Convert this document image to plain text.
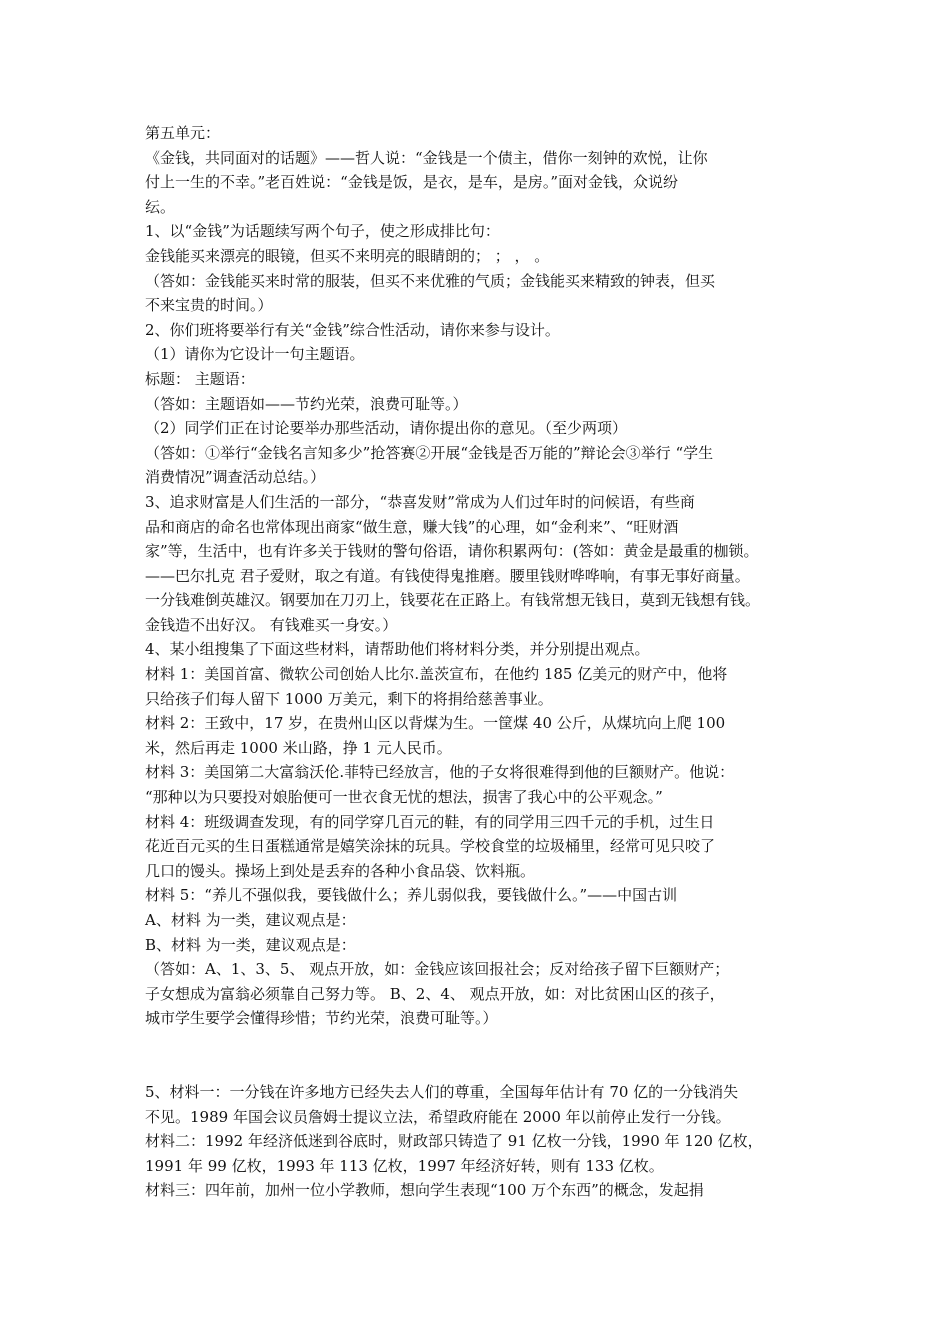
第五单元：
《金钱，共同面对的话题》——哲人说：“金钱是一个债主，借你一刻钟的欢悦，让你
付上一生的不幸。”老百姓说：“金钱是饭，是衣，是车，是房。”面对金钱，众说纷
纭。
1、以“金钱”为话题续写两个句子，使之形成排比句：
金钱能买来漂亮的眼镜，但买不来明亮的眼睛朗的； ； ， 。
（答如：金钱能买来时常的服装，但买不来优雅的气质；金钱能买来精致的钟表，但买
不来宝贵的时间。）
2、你们班将要举行有关“金钱”综合性活动，请你来参与设计。
（1）请你为它设计一句主题语。
标题： 主题语：
（答如：主题语如——节约光荣，浪费可耻等。）
（2）同学们正在讨论要举办那些活动，请你提出你的意见。（至少两项）
（答如：①举行“金钱名言知多少”抢答赛②开展“金钱是否万能的”辩论会③举行 “学生
消费情况”调查活动总结。）
3、追求财富是人们生活的一部分，“恭喜发财”常成为人们过年时的问候语，有些商
品和商店的命名也常体现出商家“做生意，赚大钱”的心理，如“金利来”、“旺财酒
家”等，生活中，也有许多关于钱财的警句俗语，请你积累两句：(答如：黄金是最重的枷锁。
——巴尔扎克 君子爱财，取之有道。有钱使得鬼推磨。腰里钱财哗哗响，有事无事好商量。
一分钱难倒英雄汉。钢要加在刀刃上，钱要花在正路上。有钱常想无钱日，莫到无钱想有钱。
金钱造不出好汉。 有钱难买一身安。）
4、某小组搜集了下面这些材料，请帮助他们将材料分类，并分别提出观点。
材料 1：美国首富、微软公司创始人比尔.盖茨宣布，在他约 185 亿美元的财产中，他将
只给孩子们每人留下 1000 万美元，剩下的将捐给慈善事业。
材料 2：王致中，17 岁，在贵州山区以背煤为生。一筐煤 40 公斤，从煤坑向上爬 100
米，然后再走 1000 米山路，挣 1 元人民币。
材料 3：美国第二大富翁沃伦.菲特已经放言，他的子女将很难得到他的巨额财产。他说：
“那种以为只要投对娘胎便可一世衣食无忧的想法，损害了我心中的公平观念。”
材料 4：班级调查发现，有的同学穿几百元的鞋，有的同学用三四千元的手机，过生日
花近百元买的生日蛋糕通常是嬉笑涂抹的玩具。学校食堂的垃圾桶里，经常可见只咬了
几口的馒头。操场上到处是丢弃的各种小食品袋、饮料瓶。
材料 5：“养儿不强似我，要钱做什么；养儿弱似我，要钱做什么。”——中国古训
A、材料 为一类，建议观点是：
B、材料 为一类，建议观点是：
（答如：A、1、3、5、 观点开放，如：金钱应该回报社会；反对给孩子留下巨额财产；
子女想成为富翁必须靠自己努力等。 B、2、4、 观点开放，如：对比贫困山区的孩子，
城市学生要学会懂得珍惜；节约光荣，浪费可耻等。）
5、材料一：一分钱在许多地方已经失去人们的尊重，全国每年估计有 70 亿的一分钱消失
不见。1989 年国会议员詹姆士提议立法，希望政府能在 2000 年以前停止发行一分钱。
材料二：1992 年经济低迷到谷底时，财政部只铸造了 91 亿枚一分钱，1990 年 120 亿枚，
1991 年 99 亿枚，1993 年 113 亿枚，1997 年经济好转，则有 133 亿枚。
材料三：四年前，加州一位小学教师，想向学生表现“100 万个东西”的概念，发起捐
